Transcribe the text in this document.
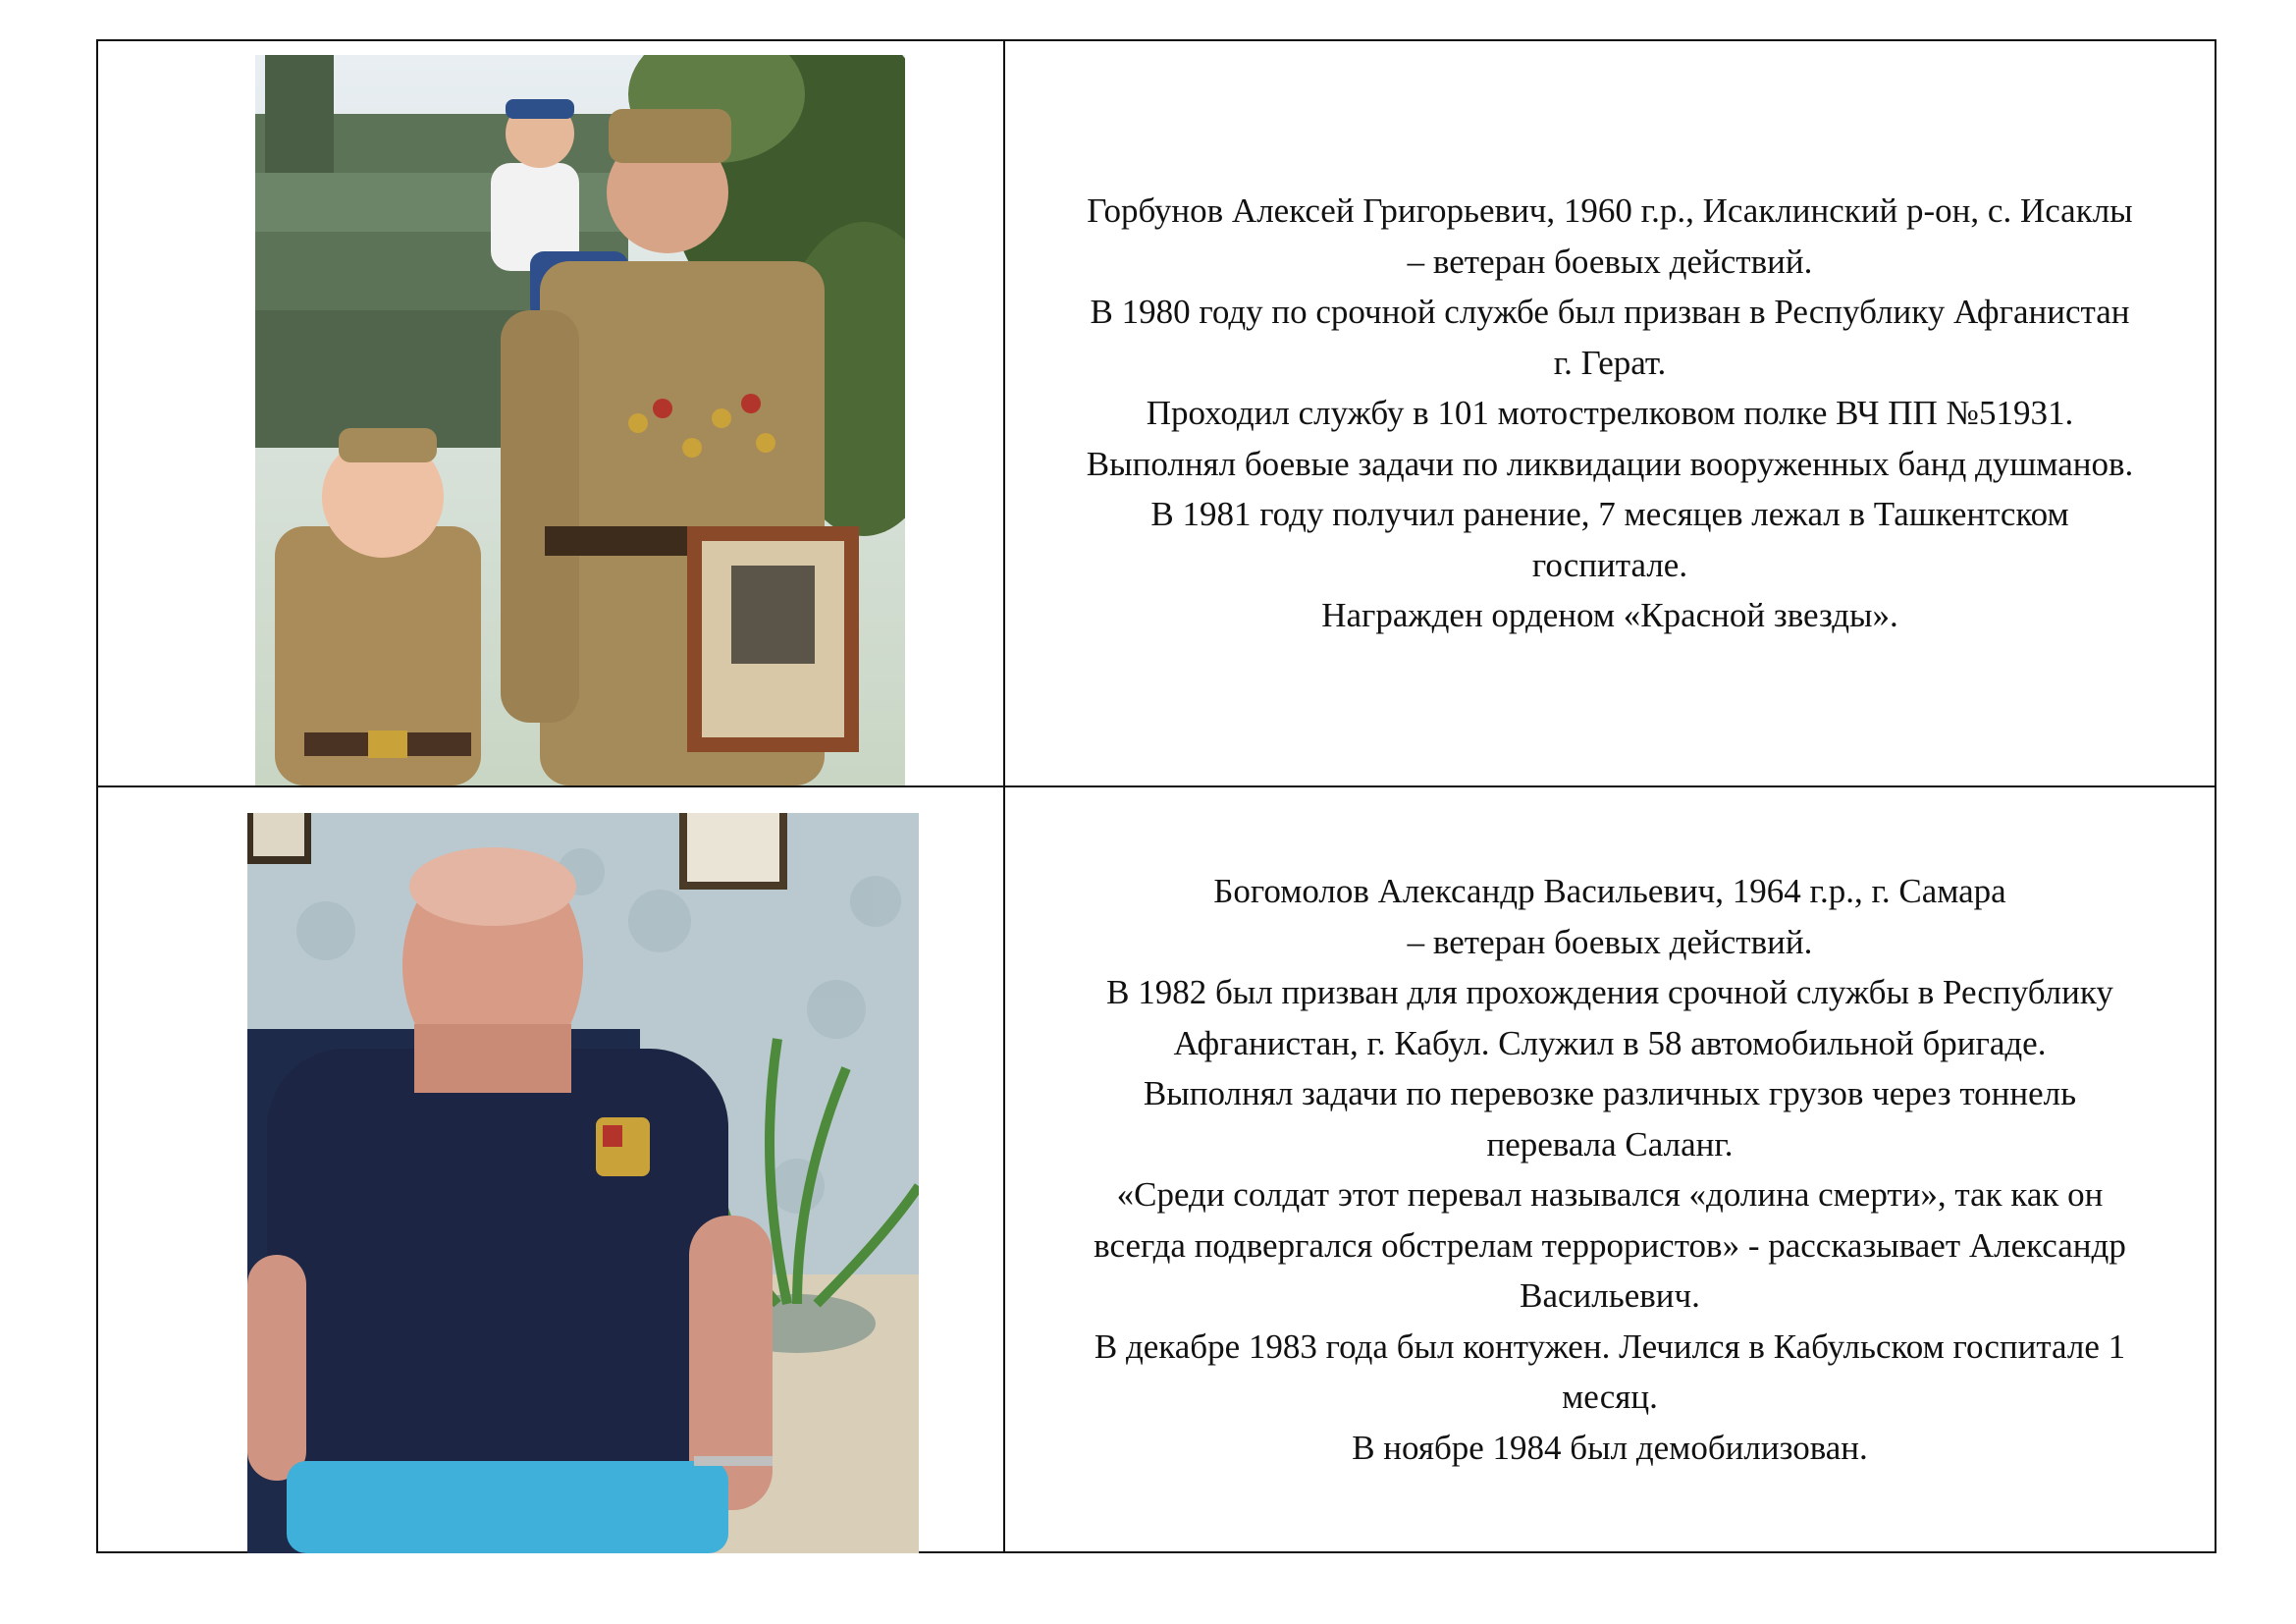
Горбунов Алексей Григорьевич, 1960 г.р., Исаклинский р-он, с. Исаклы

– ветеран боевых действий.

В 1980 году по срочной службе был призван в Республику Афганистан

г. Герат.

Проходил службу в 101 мотострелковом полке ВЧ ПП №51931.

Выполнял боевые задачи по ликвидации вооруженных банд душманов.

В 1981 году получил ранение, 7 месяцев лежал в Ташкентском

госпитале.

Награжден орденом «Красной звезды».

Богомолов Александр Васильевич, 1964 г.р., г. Самара

– ветеран боевых действий.

В 1982 был призван для прохождения срочной службы в Республику

Афганистан, г. Кабул. Служил в 58 автомобильной бригаде.

Выполнял задачи по перевозке различных грузов через тоннель

перевала Саланг.

«Среди солдат этот перевал назывался «долина смерти», так как он

всегда подвергался обстрелам террористов» - рассказывает Александр

Васильевич.

В декабре 1983 года был контужен. Лечился в Кабульском госпитале 1

месяц.

В ноябре 1984 был демобилизован.
